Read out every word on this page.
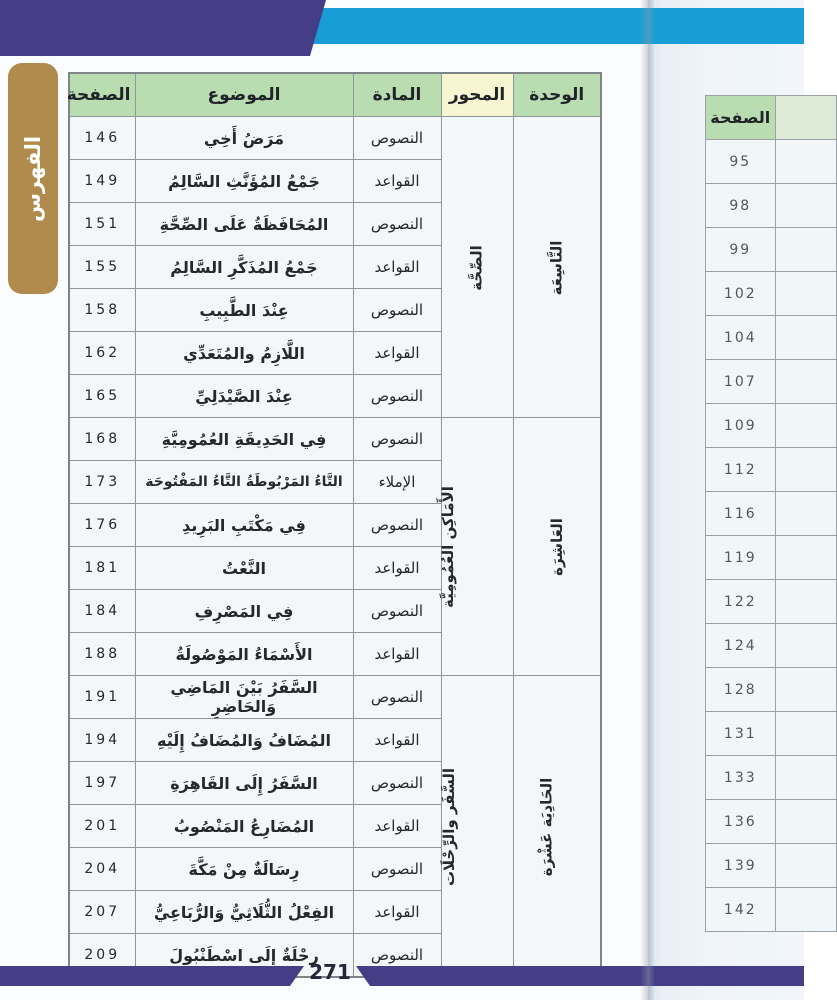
الفهرس
الوحدة	المحور	المادة	الموضوع	الصفحة
التَّاسِعَة	الصِّحَّة	النصوص	مَرَضُ أَخِي	146
		القواعد	جَمْعُ المُؤَنَّثِ السَّالِمُ	149
		النصوص	المُحَافَظَةُ عَلَى الصِّحَّةِ	151
		القواعد	جَمْعُ المُذَكَّرِ السَّالِمُ	155
		النصوص	عِنْدَ الطَّبِيبِ	158
		القواعد	اللَّازِمُ والمُتَعَدِّي	162
		النصوص	عِنْدَ الصَّيْدَلِيِّ	165
العَاشِرَة	الأَمَاكِن العُمُومِيَّة	النصوص	فِي الحَدِيقَةِ العُمُومِيَّةِ	168
		الإملاء	التَّاءُ المَرْبُوطَةُ التَّاءُ المَفْتُوحَة	173
		النصوص	فِي مَكْتَبِ البَرِيدِ	176
		القواعد	النَّعْتُ	181
		النصوص	فِي المَصْرِفِ	184
		القواعد	الأَسْمَاءُ المَوْصُولَةُ	188
الحَادِيَة عَشْرَة	السَّفَر والرِّحْلَات	النصوص	السَّفَرُ بَيْنَ المَاضِي وَالحَاضِرِ	191
		القواعد	المُضَافُ وَالمُضَافُ إِلَيْهِ	194
		النصوص	السَّفَرُ إِلَى القَاهِرَةِ	197
		القواعد	المُضَارِعُ المَنْصُوبُ	201
		النصوص	رِسَالَةٌ مِنْ مَكَّةَ	204
		القواعد	الفِعْلُ الثُّلَاثِيُّ وَالرُّبَاعِيُّ	207
		النصوص	رِحْلَةٌ إِلَى اسْطَنْبُولَ	209
الصفحة	
95	
98	
99	
102	
104	
107	
109	
112	
116	
119	
122	
124	
128	
131	
133	
136	
139	
142	
271
